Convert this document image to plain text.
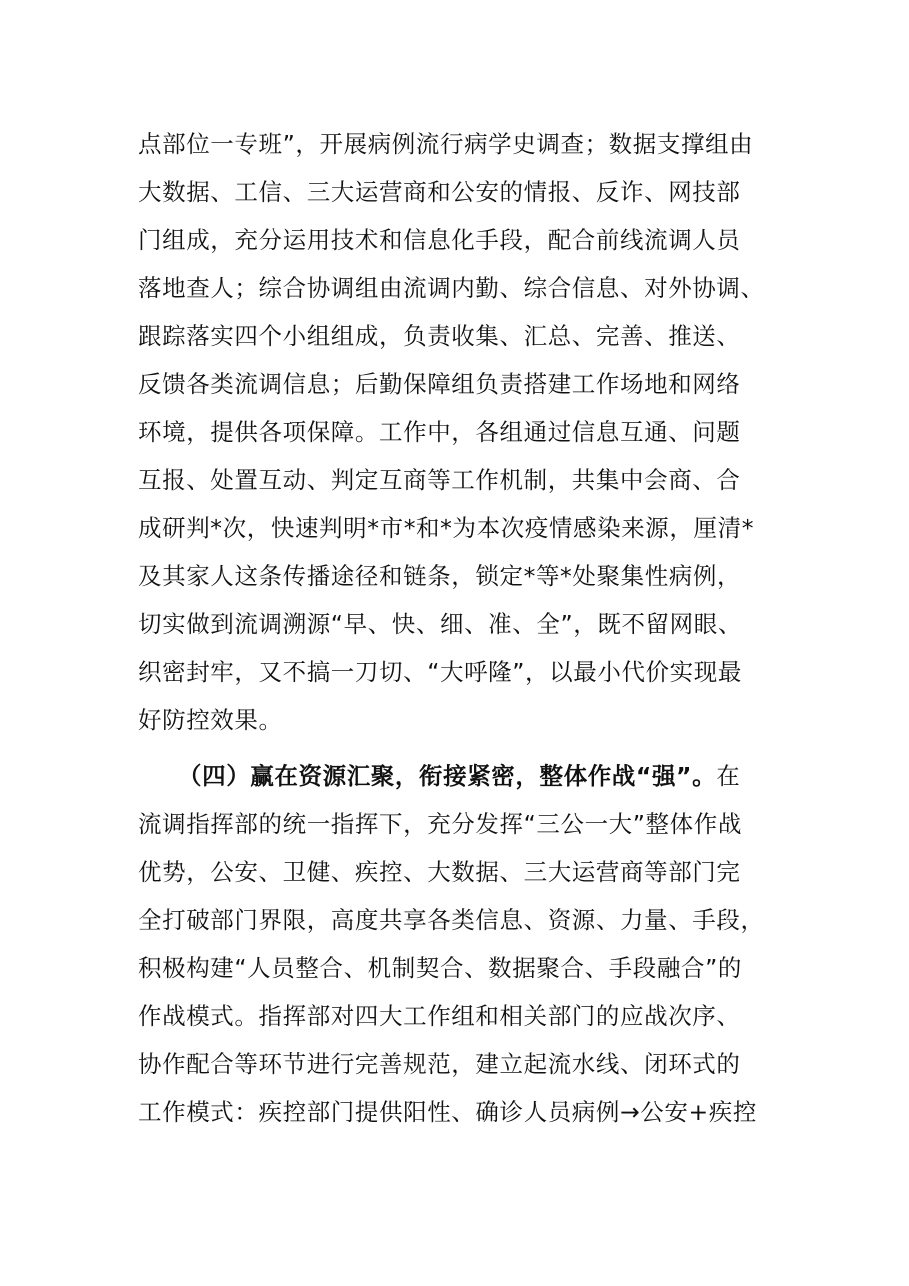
点部位一专班”，开展病例流行病学史调查；数据支撑组由
大数据、工信、三大运营商和公安的情报、反诈、网技部
门组成，充分运用技术和信息化手段，配合前线流调人员
落地查人；综合协调组由流调内勤、综合信息、对外协调、
跟踪落实四个小组组成，负责收集、汇总、完善、推送、
反馈各类流调信息；后勤保障组负责搭建工作场地和网络
环境，提供各项保障。工作中，各组通过信息互通、问题
互报、处置互动、判定互商等工作机制，共集中会商、合
成研判*次，快速判明*市*和*为本次疫情感染来源，厘清*
及其家人这条传播途径和链条，锁定*等*处聚集性病例，
切实做到流调溯源“早、快、细、准、全”，既不留网眼、
织密封牢，又不搞一刀切、“大呼隆”，以最小代价实现最
好防控效果。
（四）赢在资源汇聚，衔接紧密，整体作战“强”。在
流调指挥部的统一指挥下，充分发挥“三公一大”整体作战
优势，公安、卫健、疾控、大数据、三大运营商等部门完
全打破部门界限，高度共享各类信息、资源、力量、手段，
积极构建“人员整合、机制契合、数据聚合、手段融合”的
作战模式。指挥部对四大工作组和相关部门的应战次序、
协作配合等环节进行完善规范，建立起流水线、闭环式的
工作模式：疾控部门提供阳性、确诊人员病例→公安+疾控
